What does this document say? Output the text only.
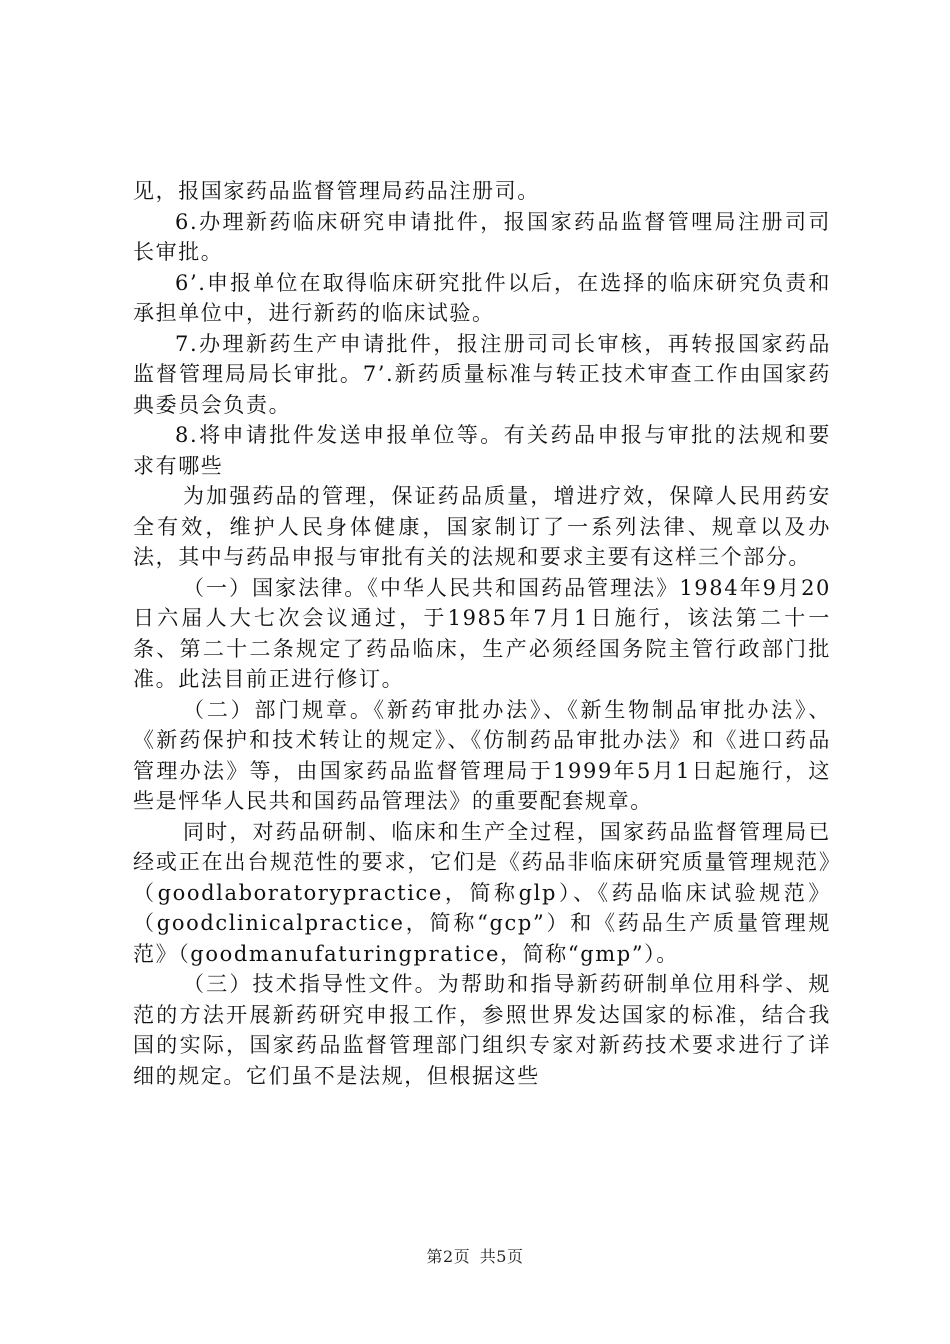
见，报国家药品监督管理局药品注册司。

6.办理新药临床研究申请批件，报国家药品监督管哩局注册司司长审批。

6’.申报单位在取得临床研究批件以后，在选择的临床研究负责和承担单位中，进行新药的临床试验。

7.办理新药生产申请批件，报注册司司长审核，再转报国家药品监督管理局局长审批。7’.新药质量标准与转正技术审查工作由国家药典委员会负责。

8.将申请批件发送申报单位等。有关药品申报与审批的法规和要求有哪些

为加强药品的管理，保证药品质量，增进疗效，保障人民用药安全有效，维护人民身体健康，国家制订了一系列法律、规章以及办法，其中与药品申报与审批有关的法规和要求主要有这样三个部分。

（一）国家法律。《中华人民共和国药品管理法》1984年9月20日六届人大七次会议通过，于1985年7月1日施行，该法第二十一条、第二十二条规定了药品临床，生产必须经国务院主管行政部门批准。此法目前正进行修订。

（二）部门规章。《新药审批办法》、《新生物制品审批办法》、《新药保护和技术转让的规定》、《仿制药品审批办法》和《进口药品管理办法》等，由国家药品监督管理局于1999年5月1日起施行，这些是怦华人民共和国药品管理法》的重要配套规章。

同时，对药品研制、临床和生产全过程，国家药品监督管理局已经或正在出台规范性的要求，它们是《药品非临床研究质量管理规范》（goodlaboratorypractice，简称glp）、《药品临床试验规范》（goodclinicalpractice，简称“gcp”）和《药品生产质量管理规范》（goodmanufaturingpratice，简称“gmp”）。

（三）技术指导性文件。为帮助和指导新药研制单位用科学、规范的方法开展新药研究申报工作，参照世界发达国家的标准，结合我国的实际，国家药品监督管理部门组织专家对新药技术要求进行了详细的规定。它们虽不是法规，但根据这些

第2页 共5页
